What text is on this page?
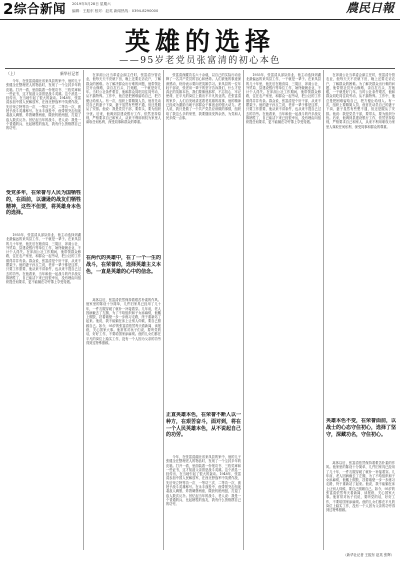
2 综合新闻 2019年5月28日 星期六
编辑：王振东 校对：赵英 新闻热线：0394-8290000	農民日報
英雄的选择
——95岁老党员张富清的初心本色
（上）	新华社记者

今年，在张富清湖北省来凤县的家中，他的儿子张健全在整理老人的物品时，发现了一个尘封多年的皮箱。打开一看，里面装着一份报功书、三枚奖章和一些证书，这才知道父亲曾是战斗英雄。这个消息一经传出，在当地引起了很大的轰动。1948年，张富清参加中国人民解放军，在西北野战军中英勇作战，先后荣立特等功一次、一等功三次、二等功一次，被授予战斗英雄称号。在永丰战役中，他带领突击组夜袭敌人碉堡，炸毁碉堡两座，缴获机枪两挺，打退了敌人数次反扑。回忆起当年的战斗，老人说：我是一个普通的兵，比起牺牲的战友，我有什么资格摆自己的功劳。

受党多年，在荣誉与人民为国牺牲的，在面前，以谦逊的战友们牺牲精神，这些不但要，将英雄身本色的选择。

1955年，张富清从部队转业，他主动选择到湖北最偏远的来凤县工作，一干就是一辈子。在来凤县的几十年里，他先后在粮食局、三胡区、卯洞公社、外贸局、县建设银行等单位工作，始终兢兢业业，不计个人得失。在卯洞公社工作期间，他带领群众修路，住在农户家里，和群众一起劳动，把公社的工作做得井井有条。群众说，张富清是个好干部，从来不摆架子。他的妻子孙玉兰说，老伴一辈子都是这样，只要工作需要，他从来不讲条件，也从来不提自己过去的功劳。在他看来，当年和他一起战斗的许多战友都牺牲了，自己能活下来已经很幸运，没有理由向组织提任何要求，更不能躺在功劳簿上享受待遇。

在卯洞公社当革委会副主任时，张富清分管农业，他每天天不亮就下田，晚上还要走访农户，了解群众的困难。为了解决群众出行难的问题，他带领社员开山修路，亲自扛石头、打炮眼，一干就是好几年。当时公社条件艰苦，他和群众同吃同住同劳动，从不搞特殊。工作中，他总是把困难留给自己，把方便让给别人。有一次，组织上要精简人员，他首先动员自己的妻子下岗，妻子虽然有些想不通，但还是服从了安排。他说：我是党员干部，要带头，要为组织分忧。后来，他调到县建设银行工作，依然坚持原则，严格要求自己和家人，从来不利用职权为家里人谋取任何私利，深受同事和群众的尊重。

在两代的英雄中，在了一个一生的战斗，在荣誉的，选择英雄主义本色，一直是英雄的心中的信念。

离休以后，张富清依然保持着艰苦朴素的作风。他家里的陈设十分简单，几件旧家具已经用了几十年，一件衣服穿破了就补一补接着穿。几年前，老人因病截去了左腿，为了不给组织和子女添麻烦，他戴上假肢，扶着墙壁一步一步练习走路，终于重新站了起来。他说，我不能躺在床上让别人伺候，要自己照顾自己。如今，95岁的张富清依然每天看新闻、读报纸，关心国家大事。他常常对孩子们说，要听党的话，好好工作，不要给国家添麻烦。他的儿女们都在平凡的岗位上踏实工作，没有一个人因为父亲的功劳得到过特殊照顾。

张富清深藏功名六十余载，以自己的实际行动诠释了一名共产党员的初心和使命。人们被他的事迹深深感动，纷纷表示要向老英雄学习。来凤县的一位年轻干部说，张老用一辈子的坚守告诉我们，什么才是真正的英雄本色，我们要像他那样，不忘初心、牢记使命，在平凡的岗位上做出不平凡的业绩。在张富清的家乡，人们自发地讲述着老英雄的故事，他的精神已经成为激励当地干部群众干事创业的强大动力。老人说，我只是做了一个共产党员应该做的事情，组织给了我这么多的荣誉，我要继续发挥余热，为党和人民多做一点事。

正直英雄本色，在荣誉不断人以一种方，在艰苦奋斗，面对到，将在一个人民英雄本色，从不说起自己的功劳。

今年，在张富清湖北省来凤县的家中，他的儿子张健全在整理老人的物品时，发现了一个尘封多年的皮箱。打开一看，里面装着一份报功书、三枚奖章和一些证书，这才知道父亲曾是战斗英雄。这个消息一经传出，在当地引起了很大的轰动。1948年，张富清参加中国人民解放军，在西北野战军中英勇作战，先后荣立特等功一次、一等功三次、二等功一次，被授予战斗英雄称号。在永丰战役中，他带领突击组夜袭敌人碉堡，炸毁碉堡两座，缴获机枪两挺，打退了敌人数次反扑。回忆起当年的战斗，老人说：我是一个普通的兵，比起牺牲的战友，我有什么资格摆自己的功劳。

1955年，张富清从部队转业，他主动选择到湖北最偏远的来凤县工作，一干就是一辈子。在来凤县的几十年里，他先后在粮食局、三胡区、卯洞公社、外贸局、县建设银行等单位工作，始终兢兢业业，不计个人得失。在卯洞公社工作期间，他带领群众修路，住在农户家里，和群众一起劳动，把公社的工作做得井井有条。群众说，张富清是个好干部，从来不摆架子。他的妻子孙玉兰说，老伴一辈子都是这样，只要工作需要，他从来不讲条件，也从来不提自己过去的功劳。在他看来，当年和他一起战斗的许多战友都牺牲了，自己能活下来已经很幸运，没有理由向组织提任何要求，更不能躺在功劳簿上享受待遇。

在卯洞公社当革委会副主任时，张富清分管农业，他每天天不亮就下田，晚上还要走访农户，了解群众的困难。为了解决群众出行难的问题，他带领社员开山修路，亲自扛石头、打炮眼，一干就是好几年。当时公社条件艰苦，他和群众同吃同住同劳动，从不搞特殊。工作中，他总是把困难留给自己，把方便让给别人。有一次，组织上要精简人员，他首先动员自己的妻子下岗，妻子虽然有些想不通，但还是服从了安排。他说：我是党员干部，要带头，要为组织分忧。后来，他调到县建设银行工作，依然坚持原则，严格要求自己和家人，从来不利用职权为家里人谋取任何私利，深受同事和群众的尊重。

英雄本色不变，在荣誉面前，以战士的心态守住初心，选择了坚守，深藏功名，守住初心。

离休以后，张富清依然保持着艰苦朴素的作风。他家里的陈设十分简单，几件旧家具已经用了几十年，一件衣服穿破了就补一补接着穿。几年前，老人因病截去了左腿，为了不给组织和子女添麻烦，他戴上假肢，扶着墙壁一步一步练习走路，终于重新站了起来。他说，我不能躺在床上让别人伺候，要自己照顾自己。如今，95岁的张富清依然每天看新闻、读报纸，关心国家大事。他常常对孩子们说，要听党的话，好好工作，不要给国家添麻烦。他的儿女们都在平凡的岗位上踏实工作，没有一个人因为父亲的功劳得到过特殊照顾。

（新华社记者 王振东 赵英 张辉）
